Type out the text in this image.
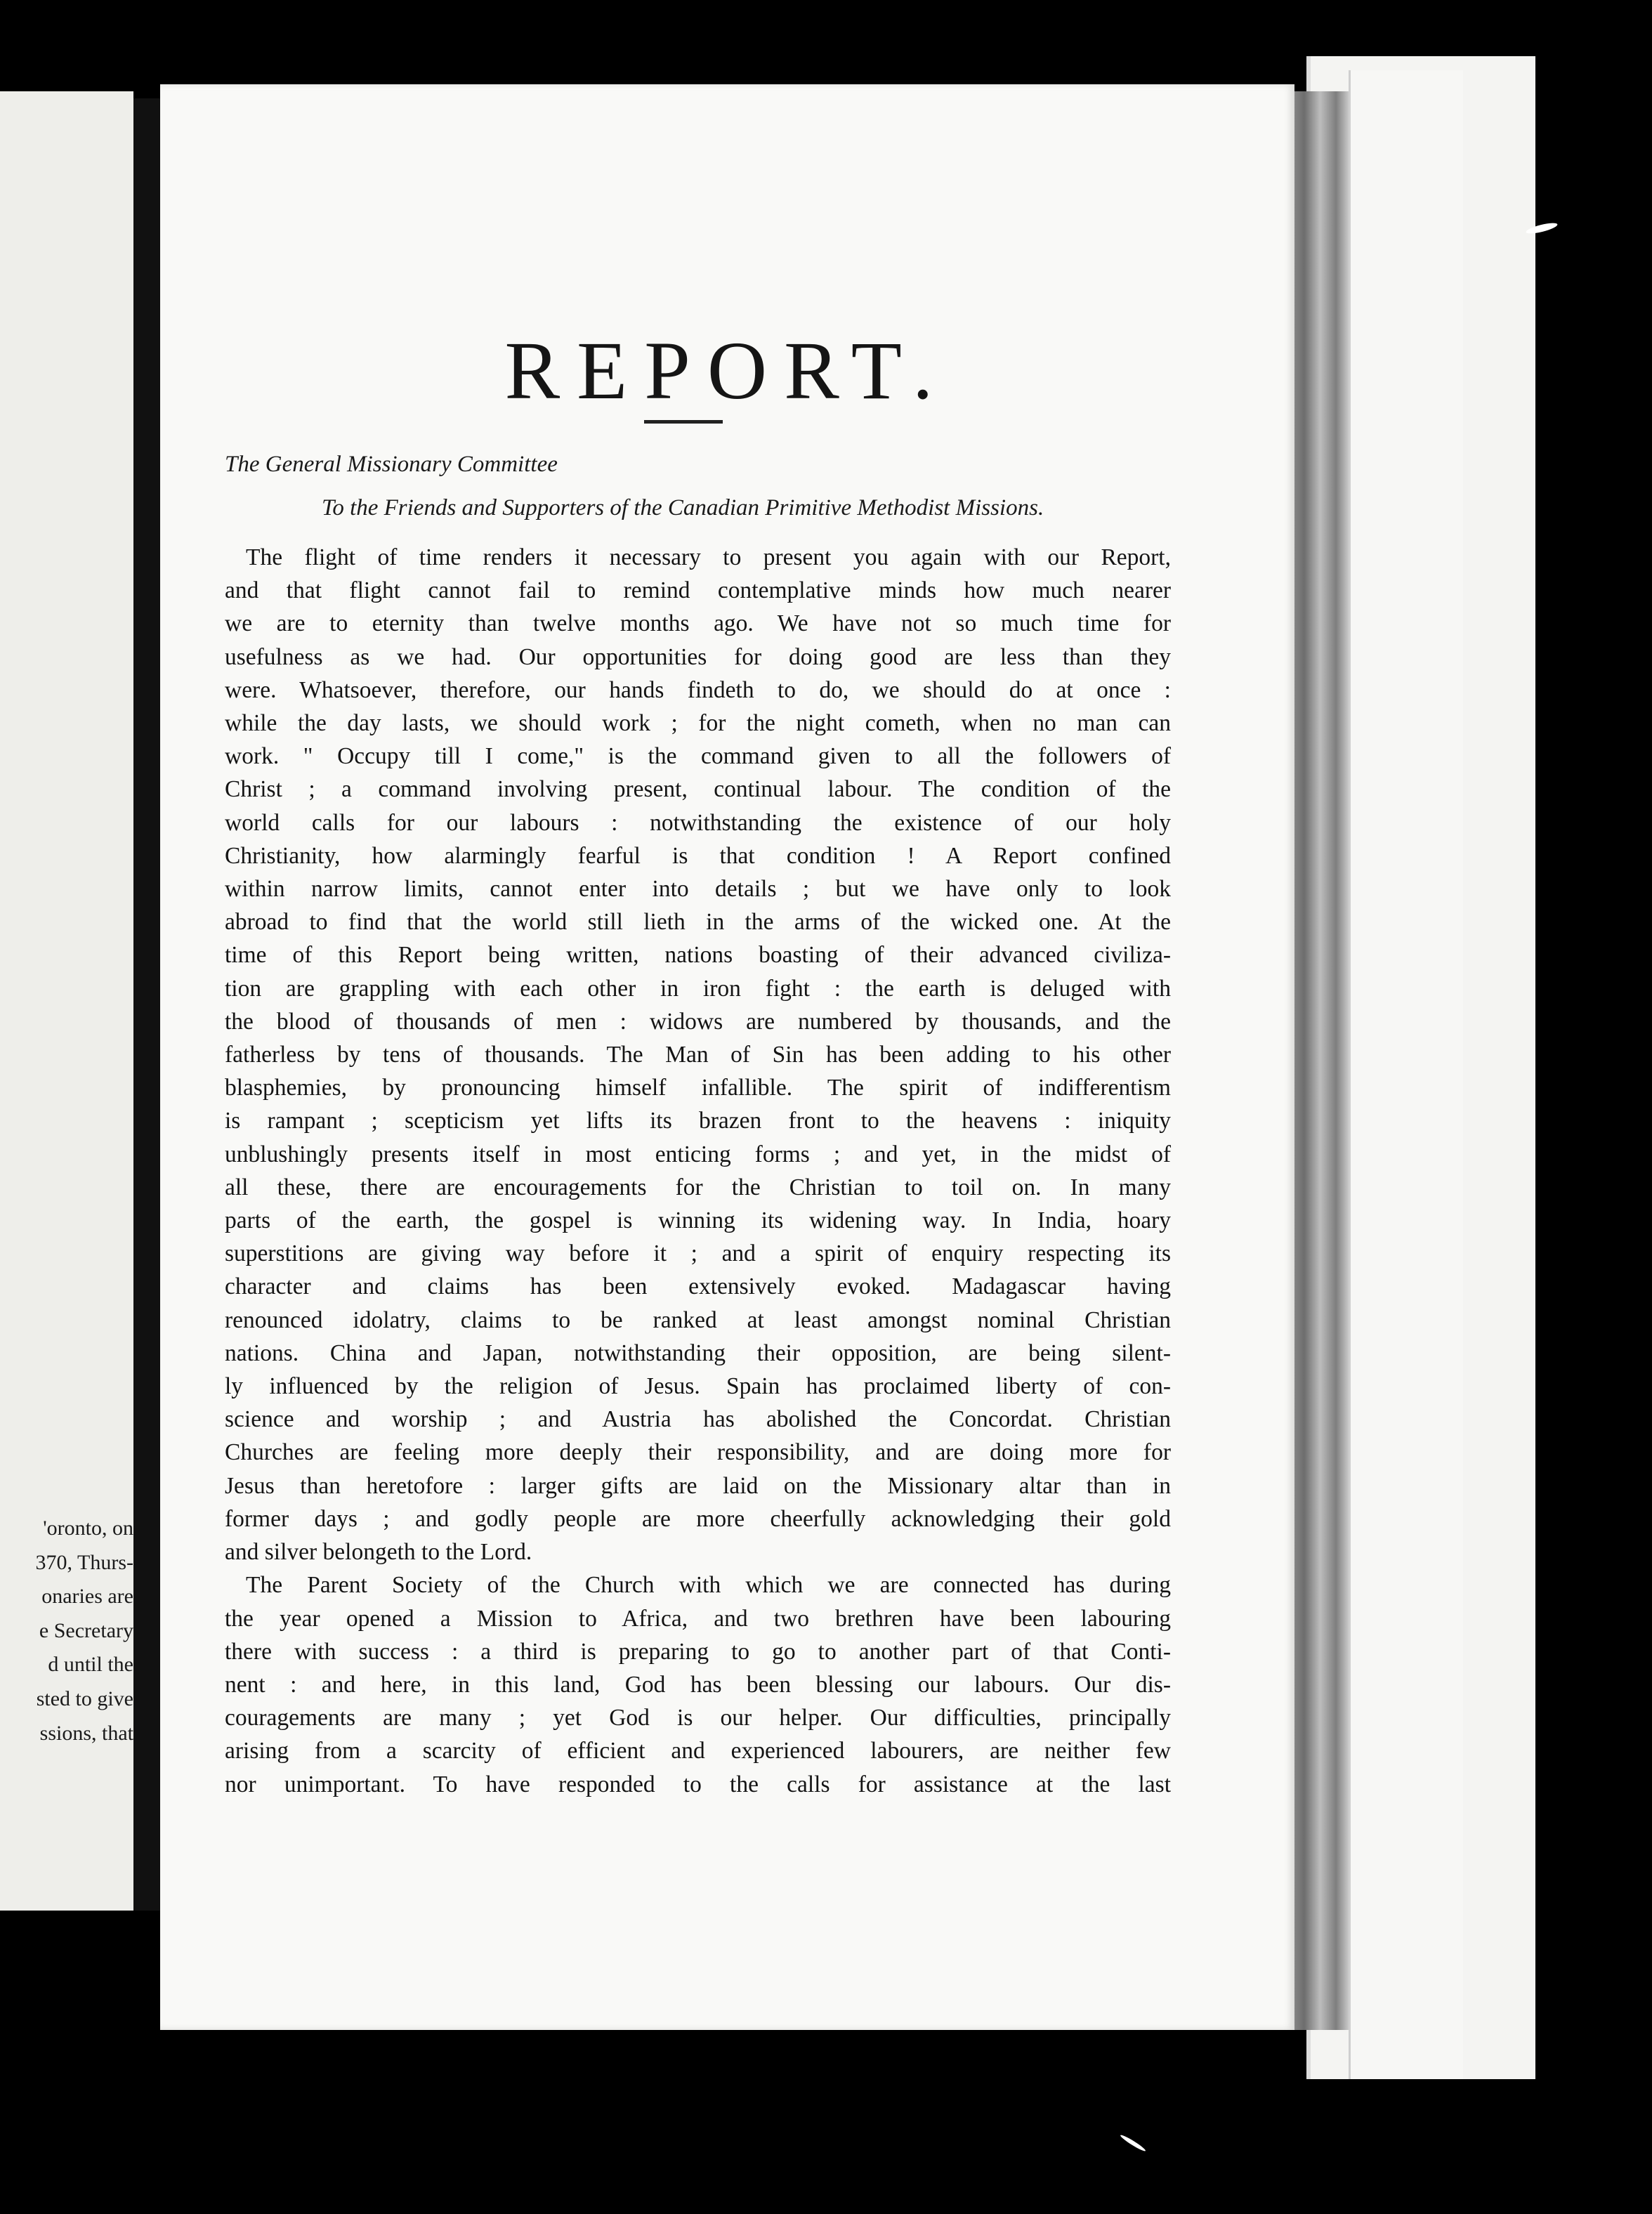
'oronto, on
370, Thurs-
onaries are
e Secretary
d until the
sted to give
ssions, that
REPORT.
The General Missionary Committee
To the Friends and Supporters of the Canadian Primitive Methodist Missions.
The flight of time renders it necessary to present you again with our Report,
and that flight cannot fail to remind contemplative minds how much nearer
we are to eternity than twelve months ago. We have not so much time for
usefulness as we had. Our opportunities for doing good are less than they
were. Whatsoever, therefore, our hands findeth to do, we should do at once :
while the day lasts, we should work ; for the night cometh, when no man can
work. " Occupy till I come," is the command given to all the followers of
Christ ; a command involving present, continual labour. The condition of the
world calls for our labours : notwithstanding the existence of our holy
Christianity, how alarmingly fearful is that condition ! A Report confined
within narrow limits, cannot enter into details ; but we have only to look
abroad to find that the world still lieth in the arms of the wicked one. At the
time of this Report being written, nations boasting of their advanced civiliza-
tion are grappling with each other in iron fight : the earth is deluged with
the blood of thousands of men : widows are numbered by thousands, and the
fatherless by tens of thousands. The Man of Sin has been adding to his other
blasphemies, by pronouncing himself infallible. The spirit of indifferentism
is rampant ; scepticism yet lifts its brazen front to the heavens : iniquity
unblushingly presents itself in most enticing forms ; and yet, in the midst of
all these, there are encouragements for the Christian to toil on. In many
parts of the earth, the gospel is winning its widening way. In India, hoary
superstitions are giving way before it ; and a spirit of enquiry respecting its
character and claims has been extensively evoked. Madagascar having
renounced idolatry, claims to be ranked at least amongst nominal Christian
nations. China and Japan, notwithstanding their opposition, are being silent-
ly influenced by the religion of Jesus. Spain has proclaimed liberty of con-
science and worship ; and Austria has abolished the Concordat. Christian
Churches are feeling more deeply their responsibility, and are doing more for
Jesus than heretofore : larger gifts are laid on the Missionary altar than in
former days ; and godly people are more cheerfully acknowledging their gold
and silver belongeth to the Lord.
The Parent Society of the Church with which we are connected has during
the year opened a Mission to Africa, and two brethren have been labouring
there with success : a third is preparing to go to another part of that Conti-
nent : and here, in this land, God has been blessing our labours. Our dis-
couragements are many ; yet God is our helper. Our difficulties, principally
arising from a scarcity of efficient and experienced labourers, are neither few
nor unimportant. To have responded to the calls for assistance at the last
